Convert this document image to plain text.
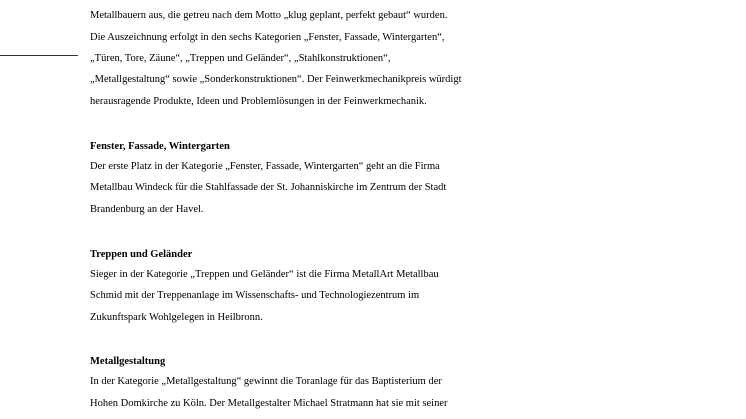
Metallbauern aus, die getreu nach dem Motto „klug geplant, perfekt gebaut“ wurden.
Die Auszeichnung erfolgt in den sechs Kategorien „Fenster, Fassade, Wintergarten“,
„Türen, Tore, Zäune“, „Treppen und Geländer“, „Stahlkonstruktionen“,
„Metallgestaltung“ sowie „Sonderkonstruktionen“. Der Feinwerkmechanikpreis würdigt
herausragende Produkte, Ideen und Problemlösungen in der Feinwerkmechanik.
Fenster, Fassade, Wintergarten
Der erste Platz in der Kategorie „Fenster, Fassade, Wintergarten“ geht an die Firma
Metallbau Windeck für die Stahlfassade der St. Johanniskirche im Zentrum der Stadt
Brandenburg an der Havel.
Treppen und Geländer
Sieger in der Kategorie „Treppen und Geländer“ ist die Firma MetallArt Metallbau
Schmid mit der Treppenanlage im Wissenschafts- und Technologiezentrum im
Zukunftspark Wohlgelegen in Heilbronn.
Metallgestaltung
In der Kategorie „Metallgestaltung“ gewinnt die Toranlage für das Baptisterium der
Hohen Domkirche zu Köln. Der Metallgestalter Michael Stratmann hat sie mit seiner
